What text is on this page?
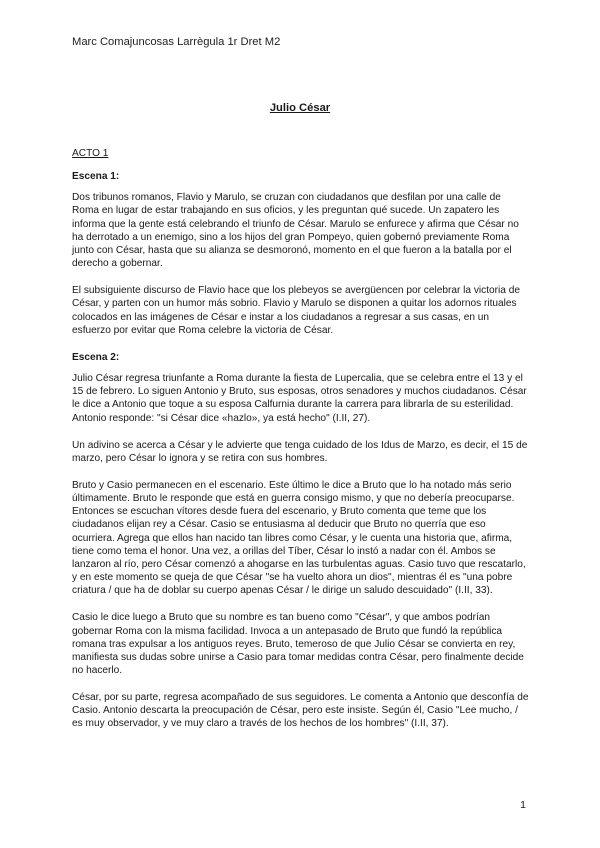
Marc Comajuncosas Larrègula 1r Dret M2
Julio César
ACTO 1
Escena 1:

Dos tribunos romanos, Flavio y Marulo, se cruzan con ciudadanos que desfilan por una calle de Roma en lugar de estar trabajando en sus oficios, y les preguntan qué sucede. Un zapatero les informa que la gente está celebrando el triunfo de César. Marulo se enfurece y afirma que César no ha derrotado a un enemigo, sino a los hijos del gran Pompeyo, quien gobernó previamente Roma junto con César, hasta que su alianza se desmoronó, momento en el que fueron a la batalla por el derecho a gobernar.

El subsiguiente discurso de Flavio hace que los plebeyos se avergüencen por celebrar la victoria de César, y parten con un humor más sobrio. Flavio y Marulo se disponen a quitar los adornos rituales colocados en las imágenes de César e instar a los ciudadanos a regresar a sus casas, en un esfuerzo por evitar que Roma celebre la victoria de César.

Escena 2:

Julio César regresa triunfante a Roma durante la fiesta de Lupercalia, que se celebra entre el 13 y el 15 de febrero. Lo siguen Antonio y Bruto, sus esposas, otros senadores y muchos ciudadanos. César le dice a Antonio que toque a su esposa Calfurnia durante la carrera para librarla de su esterilidad. Antonio responde: "si César dice «hazlo», ya está hecho" (I.II, 27).

Un adivino se acerca a César y le advierte que tenga cuidado de los Idus de Marzo, es decir, el 15 de marzo, pero César lo ignora y se retira con sus hombres.

Bruto y Casio permanecen en el escenario. Este último le dice a Bruto que lo ha notado más serio últimamente. Bruto le responde que está en guerra consigo mismo, y que no debería preocuparse. Entonces se escuchan vítores desde fuera del escenario, y Bruto comenta que teme que los ciudadanos elijan rey a César. Casio se entusiasma al deducir que Bruto no querría que eso ocurriera. Agrega que ellos han nacido tan libres como César, y le cuenta una historia que, afirma, tiene como tema el honor. Una vez, a orillas del Tíber, César lo instó a nadar con él. Ambos se lanzaron al río, pero César comenzó a ahogarse en las turbulentas aguas. Casio tuvo que rescatarlo, y en este momento se queja de que César "se ha vuelto ahora un dios", mientras él es "una pobre criatura / que ha de doblar su cuerpo apenas César / le dirige un saludo descuidado" (I.II, 33).

Casio le dice luego a Bruto que su nombre es tan bueno como "César", y que ambos podrían gobernar Roma con la misma facilidad. Invoca a un antepasado de Bruto que fundó la república romana tras expulsar a los antiguos reyes. Bruto, temeroso de que Julio César se convierta en rey, manifiesta sus dudas sobre unirse a Casio para tomar medidas contra César, pero finalmente decide no hacerlo.

César, por su parte, regresa acompañado de sus seguidores. Le comenta a Antonio que desconfía de Casio. Antonio descarta la preocupación de César, pero este insiste. Según él, Casio "Lee mucho, / es muy observador, y ve muy claro a través de los hechos de los hombres" (I.II, 37).

1
